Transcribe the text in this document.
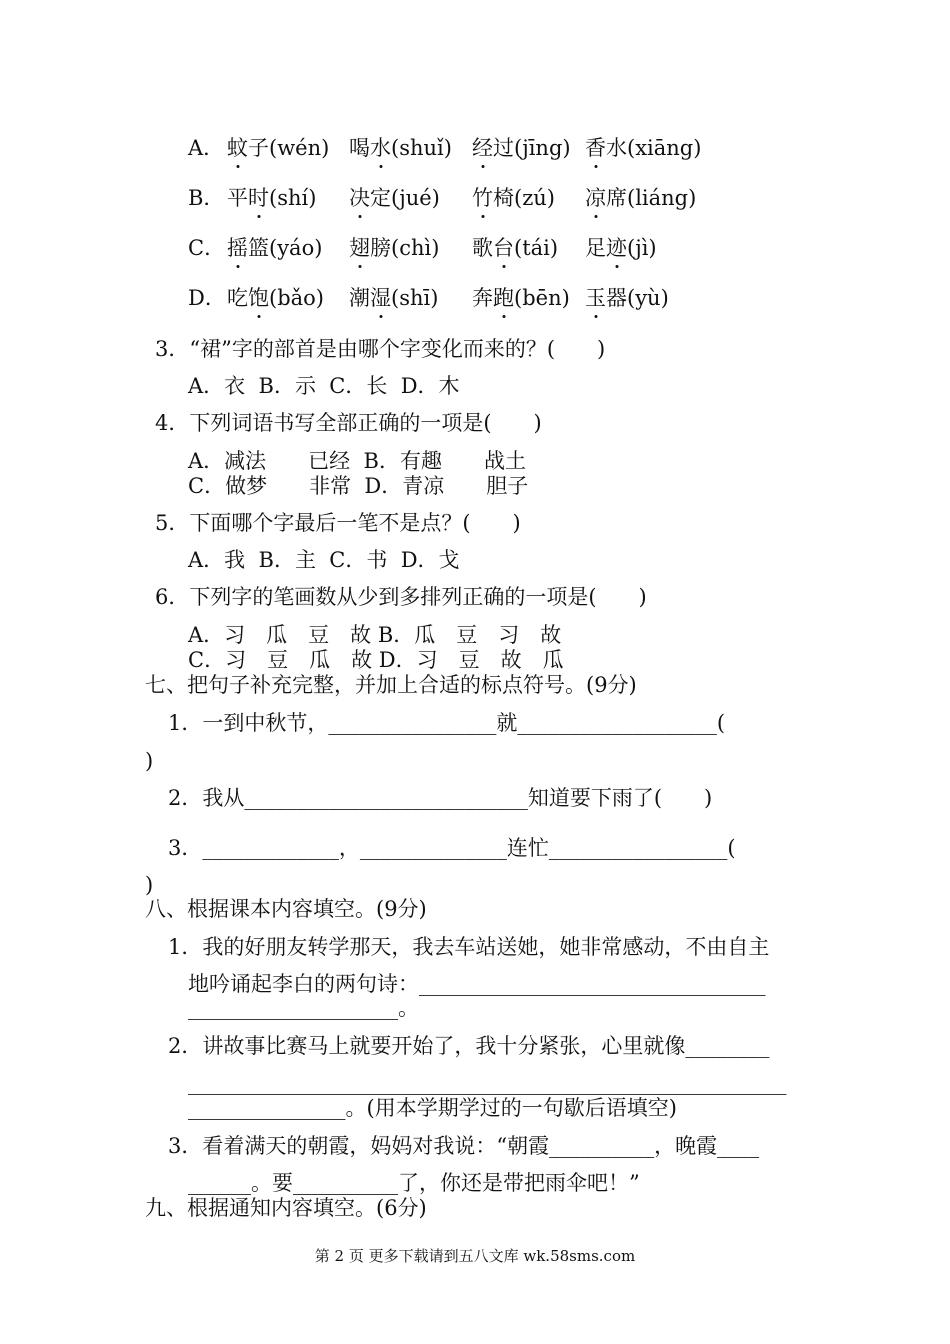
A． 蚊子(wén) 喝水(shuǐ) 经过(jīng) 香水(xiāng)
B． 平时(shí) 决定(jué) 竹椅(zú) 凉席(liáng)
C． 摇篮(yáo) 翅膀(chì) 歌台(tái) 足迹(jì)
D． 吃饱(bǎo) 潮湿(shī) 奔跑(bēn) 玉器(yù)
3．“裙”字的部首是由哪个字变化而来的？(　　)
A．衣  B．示  C．长  D．木
4．下列词语书写全部正确的一项是(　　)
A．减法　　已经  B．有趣　　战土
C．做梦　　非常  D．青凉　　胆子
5．下面哪个字最后一笔不是点？(　　)
A．我  B．主  C．书  D．戈
6．下列字的笔画数从少到多排列正确的一项是(　　)
A．习　瓜　豆　故 B．瓜　豆　习　故
C．习　豆　瓜　故 D．习　豆　故　瓜
七、把句子补充完整，并加上合适的标点符号。(9分)
1．一到中秋节，________________就___________________(
)
2．我从___________________________知道要下雨了(　　)
3．_____________，______________连忙_________________(
)
八、根据课本内容填空。(9分)
1．我的好朋友转学那天，我去车站送她，她非常感动，不由自主
地吟诵起李白的两句诗：_________________________________
____________________。
2．讲故事比赛马上就要开始了，我十分紧张，心里就像________
_________________________________________________________
_______________。(用本学期学过的一句歇后语填空)
3．看着满天的朝霞，妈妈对我说：“朝霞__________，晚霞____
______。要__________了，你还是带把雨伞吧！”
九、根据通知内容填空。(6分)
第 2 页 更多下载请到五八文库 wk.58sms.com
